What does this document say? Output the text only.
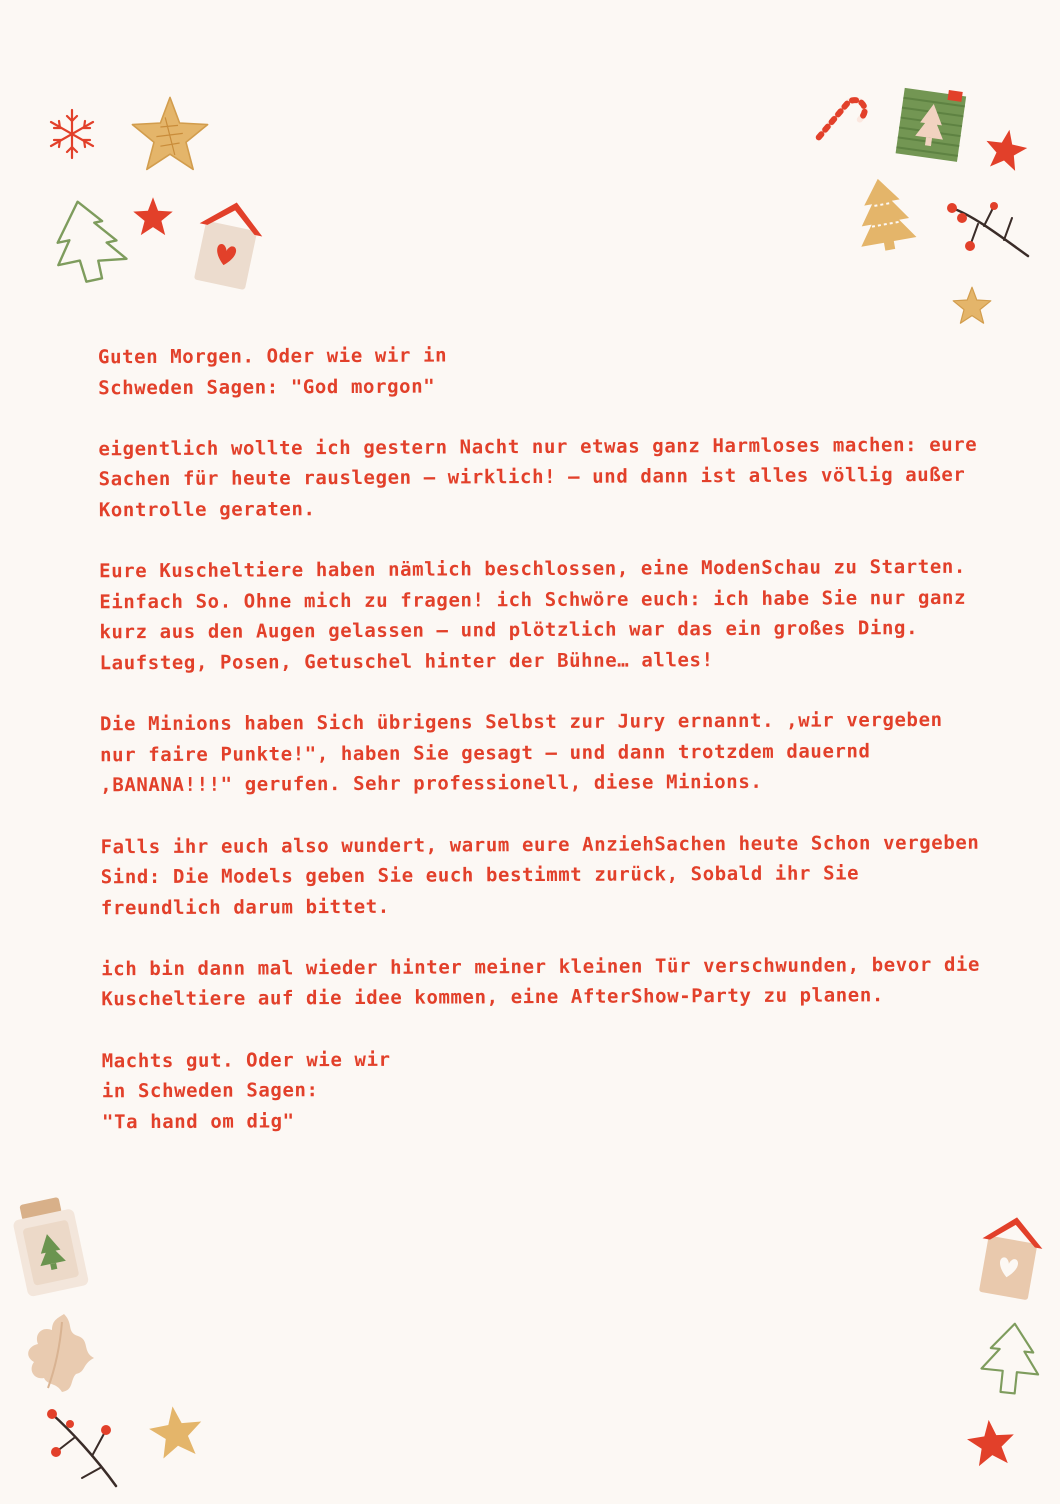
Guten Morgen. Oder wie wir in
Schweden Sagen: "God morgon"

eigentlich wollte ich gestern Nacht nur etwas ganz Harmloses machen: eure Sachen für heute rauslegen – wirklich! – und dann ist alles völlig außer Kontrolle geraten.

Eure Kuscheltiere haben nämlich beschlossen, eine ModenSchau zu Starten. Einfach So. Ohne mich zu fragen! ich Schwöre euch: ich habe Sie nur ganz kurz aus den Augen gelassen – und plötzlich war das ein großes Ding. Laufsteg, Posen, Getuschel hinter der Bühne… alles!

Die Minions haben Sich übrigens Selbst zur Jury ernannt. ‚wir vergeben nur faire Punkte!", haben Sie gesagt – und dann trotzdem dauernd ‚BANANA!!!" gerufen. Sehr professionell, diese Minions.

Falls ihr euch also wundert, warum eure AnziehSachen heute Schon vergeben Sind: Die Models geben Sie euch bestimmt zurück, Sobald ihr Sie freundlich darum bittet.

ich bin dann mal wieder hinter meiner kleinen Tür verschwunden, bevor die Kuscheltiere auf die idee kommen, eine AfterShow-Party zu planen.

Machts gut. Oder wie wir
in Schweden Sagen:
"Ta hand om dig"
